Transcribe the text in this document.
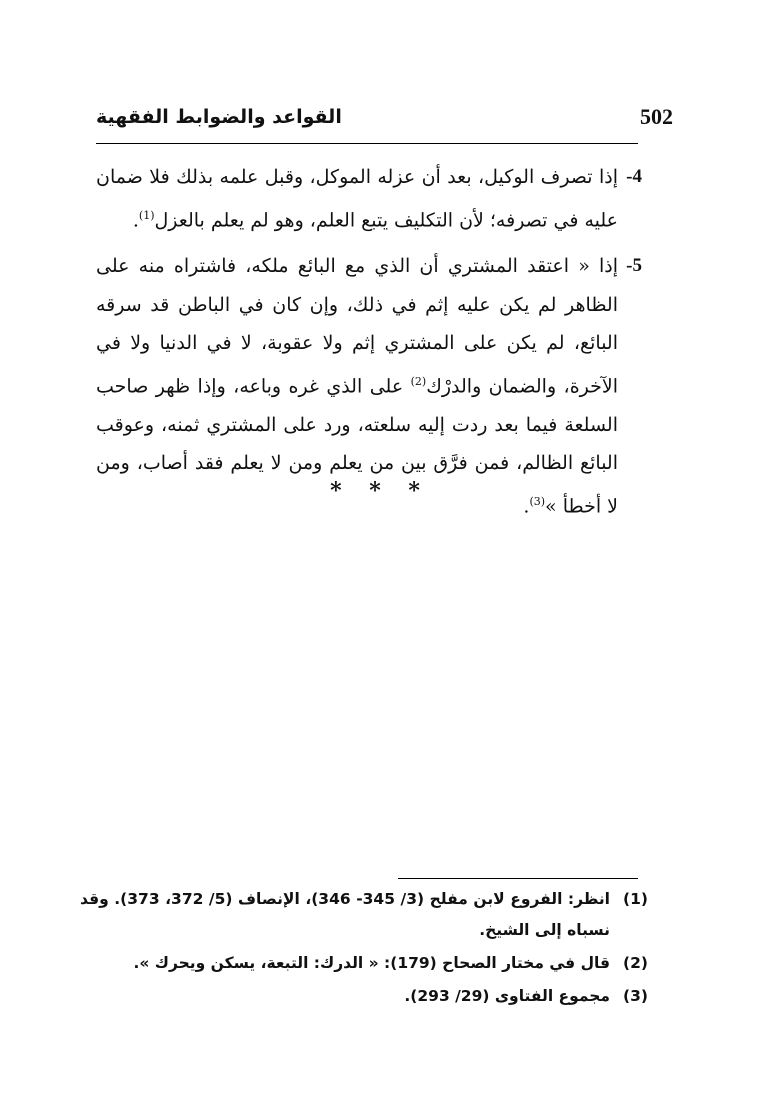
502
القواعد والضوابط الفقهية

-4
إذا تصرف الوكيل، بعد أن عزله الموكل، وقبل علمه بذلك فلا ضمان عليه في تصرفه؛ لأن التكليف يتبع العلم، وهو لم يعلم بالعزل$^{(1)}$.

-5
إذا « اعتقد المشتري أن الذي مع البائع ملكه، فاشتراه منه على الظاهر لم يكن عليه إثم في ذلك، وإن كان في الباطن قد سرقه البائع، لم يكن على المشتري إثم ولا عقوبة، لا في الدنيا ولا في الآخرة، والضمان والدرْك$^{(2)}$ على الذي غره وباعه، وإذا ظهر صاحب السلعة فيما بعد ردت إليه سلعته، ورد على المشتري ثمنه، وعوقب البائع الظالم، فمن فرَّق بين من يعلم ومن لا يعلم فقد أصاب، ومن لا أخطأ »$^{(3)}$.

* * *

(1)
انظر: الفروع لابن مفلح (3/ 345- 346)، الإنصاف (5/ 372، 373). وقد نسباه إلى الشيخ.

(2)
قال في مختار الصحاح (179): « الدرك: التبعة، يسكن ويحرك ».

(3)
مجموع الفتاوى (29/ 293).
